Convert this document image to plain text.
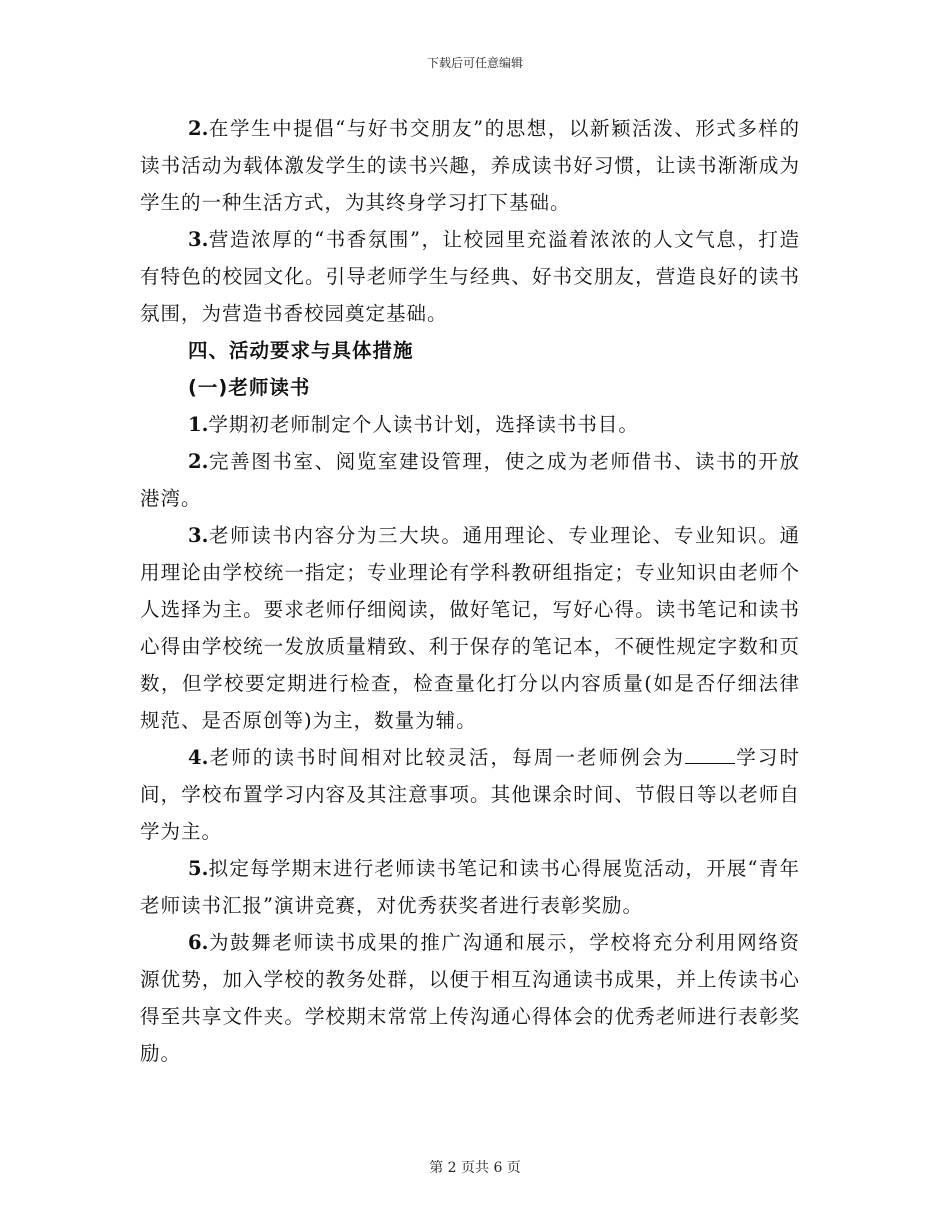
下载后可任意编辑

2.在学生中提倡“与好书交朋友”的思想，以新颖活泼、形式多样的读书活动为载体激发学生的读书兴趣，养成读书好习惯，让读书渐渐成为学生的一种生活方式，为其终身学习打下基础。

3.营造浓厚的“书香氛围”，让校园里充溢着浓浓的人文气息，打造有特色的校园文化。引导老师学生与经典、好书交朋友，营造良好的读书氛围，为营造书香校园奠定基础。

四、活动要求与具体措施

(一)老师读书

1.学期初老师制定个人读书计划，选择读书书目。

2.完善图书室、阅览室建设管理，使之成为老师借书、读书的开放港湾。

3.老师读书内容分为三大块。通用理论、专业理论、专业知识。通用理论由学校统一指定；专业理论有学科教研组指定；专业知识由老师个人选择为主。要求老师仔细阅读，做好笔记，写好心得。读书笔记和读书心得由学校统一发放质量精致、利于保存的笔记本，不硬性规定字数和页数，但学校要定期进行检查，检查量化打分以内容质量(如是否仔细法律规范、是否原创等)为主，数量为辅。

4.老师的读书时间相对比较灵活，每周一老师例会为	学习时间，学校布置学习内容及其注意事项。其他课余时间、节假日等以老师自学为主。

5.拟定每学期末进行老师读书笔记和读书心得展览活动，开展“青年老师读书汇报”演讲竞赛，对优秀获奖者进行表彰奖励。

6.为鼓舞老师读书成果的推广沟通和展示，学校将充分利用网络资源优势，加入学校的教务处群，以便于相互沟通读书成果，并上传读书心得至共享文件夹。学校期末常常上传沟通心得体会的优秀老师进行表彰奖励。

第 2 页共 6 页
